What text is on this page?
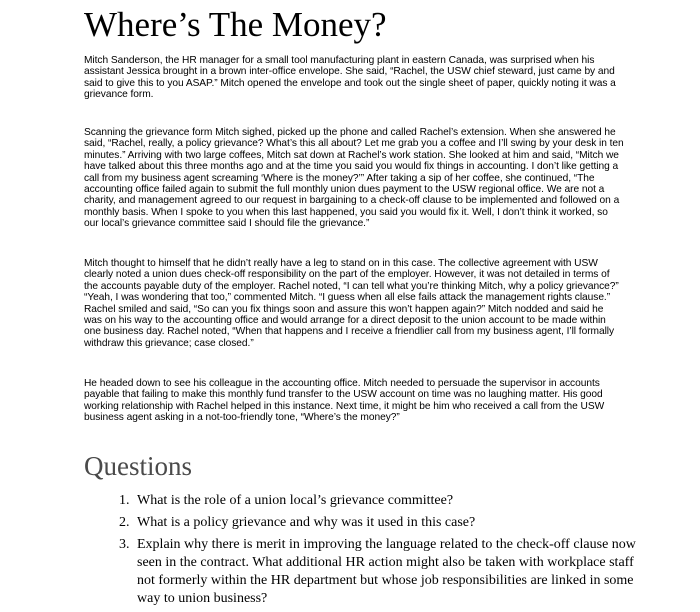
Where’s The Money?

Mitch Sanderson, the HR manager for a small tool manufacturing plant in eastern Canada, was surprised when his assistant Jessica brought in a brown inter-office envelope. She said, “Rachel, the USW chief steward, just came by and said to give this to you ASAP.” Mitch opened the envelope and took out the single sheet of paper, quickly noting it was a grievance form.

Scanning the grievance form Mitch sighed, picked up the phone and called Rachel’s extension. When she answered he said, “Rachel, really, a policy grievance? What’s this all about? Let me grab you a coffee and I’ll swing by your desk in ten minutes.” Arriving with two large coffees, Mitch sat down at Rachel’s work station. She looked at him and said, “Mitch we have talked about this three months ago and at the time you said you would fix things in accounting. I don’t like getting a call from my business agent screaming ‘Where is the money?’” After taking a sip of her coffee, she continued, “The accounting office failed again to submit the full monthly union dues payment to the USW regional office. We are not a charity, and management agreed to our request in bargaining to a check-off clause to be implemented and followed on a monthly basis. When I spoke to you when this last happened, you said you would fix it. Well, I don’t think it worked, so our local’s grievance committee said I should file the grievance.”

Mitch thought to himself that he didn’t really have a leg to stand on in this case. The collective agreement with USW clearly noted a union dues check-off responsibility on the part of the employer. However, it was not detailed in terms of the accounts payable duty of the employer. Rachel noted, “I can tell what you’re thinking Mitch, why a policy grievance?” “Yeah, I was wondering that too,” commented Mitch. “I guess when all else fails attack the management rights clause.” Rachel smiled and said, “So can you fix things soon and assure this won’t happen again?” Mitch nodded and said he was on his way to the accounting office and would arrange for a direct deposit to the union account to be made within one business day. Rachel noted, “When that happens and I receive a friendlier call from my business agent, I’ll formally withdraw this grievance; case closed.”

He headed down to see his colleague in the accounting office. Mitch needed to persuade the supervisor in accounts payable that failing to make this monthly fund transfer to the USW account on time was no laughing matter. His good working relationship with Rachel helped in this instance. Next time, it might be him who received a call from the USW business agent asking in a not-too-friendly tone, “Where’s the money?”

Questions
1. What is the role of a union local’s grievance committee?
2. What is a policy grievance and why was it used in this case?
3. Explain why there is merit in improving the language related to the check-off clause now seen in the contract. What additional HR action might also be taken with workplace staff not formerly within the HR department but whose job responsibilities are linked in some way to union business?
